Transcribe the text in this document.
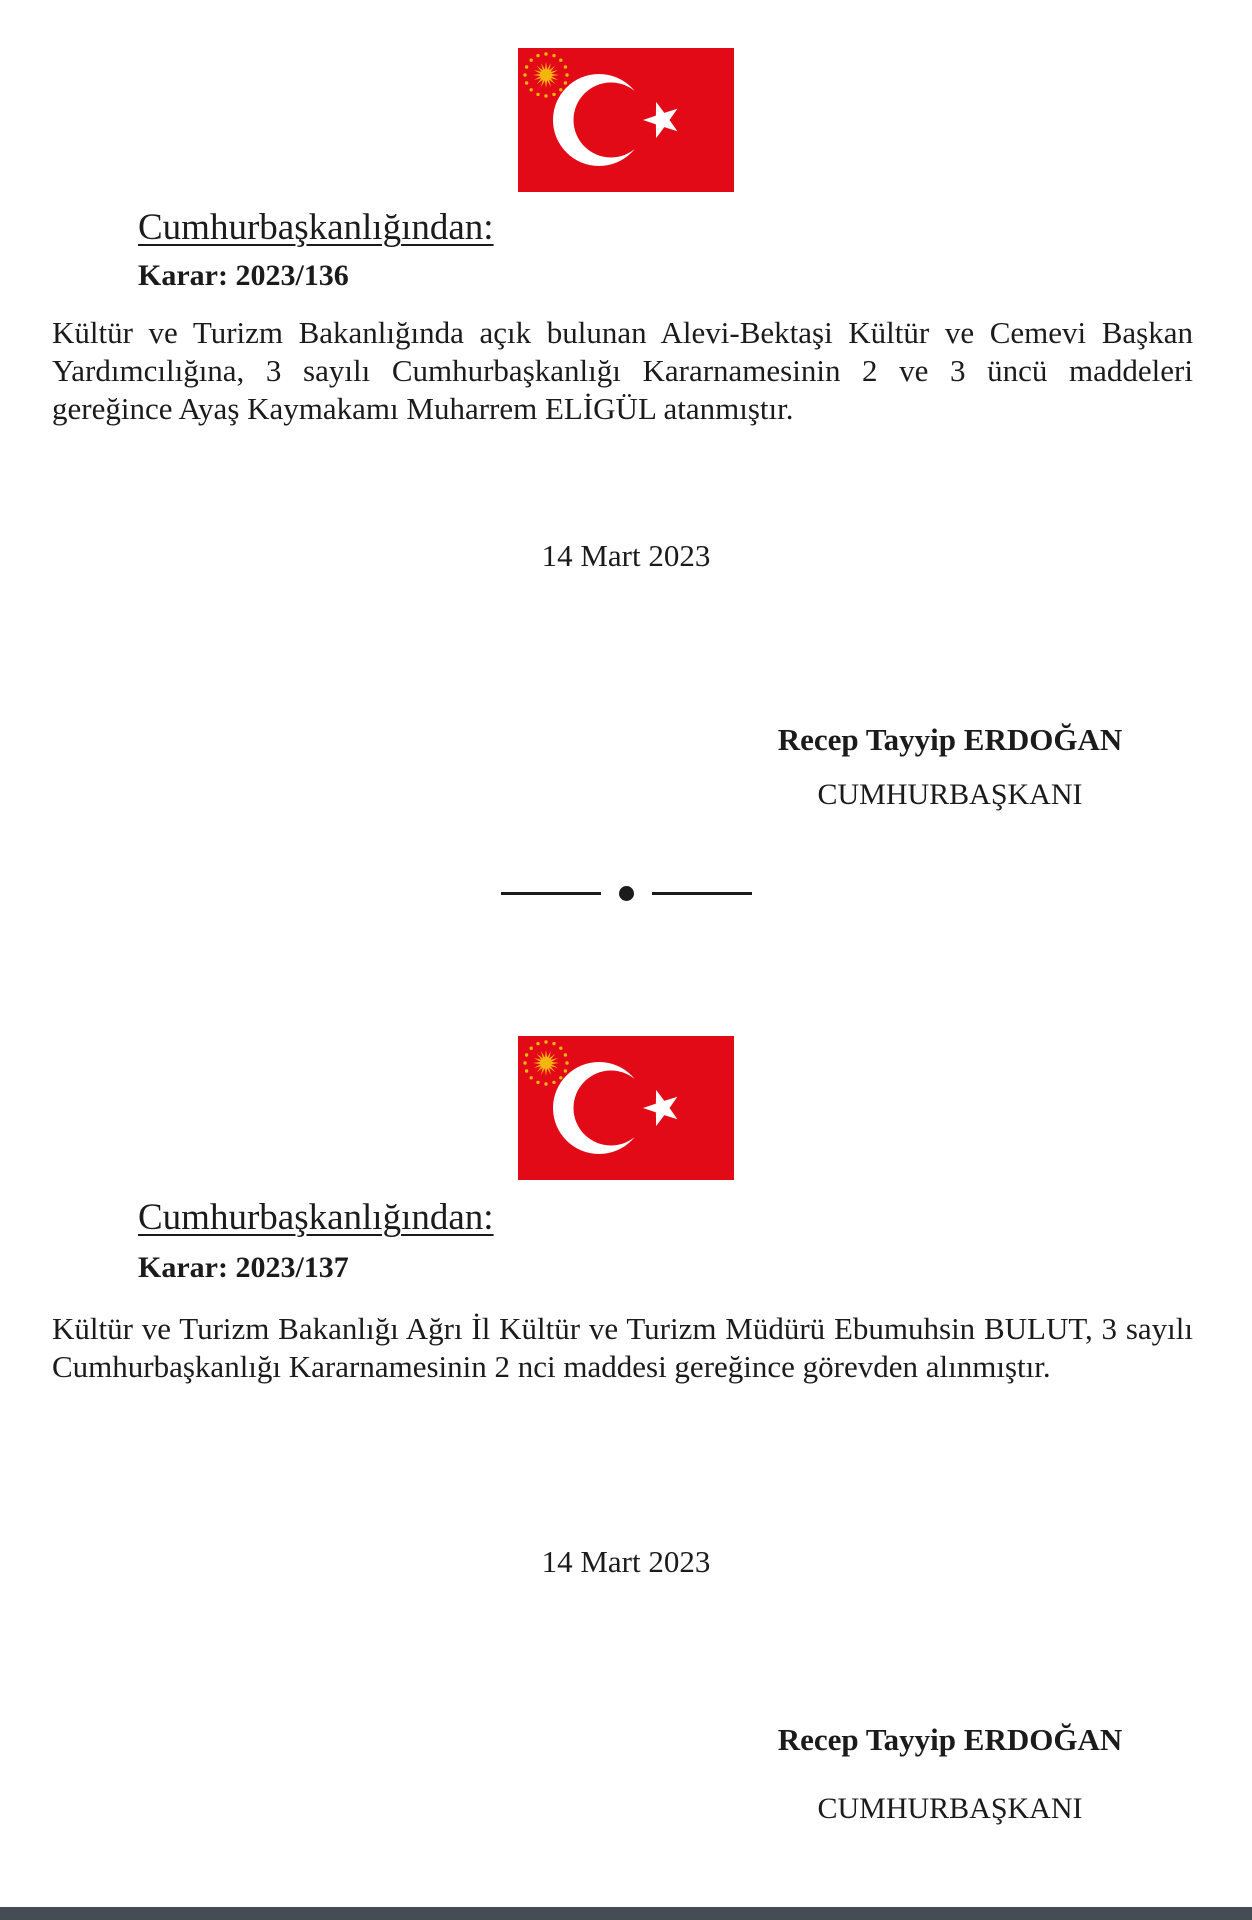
Cumhurbaşkanlığından:
Karar: 2023/136
Kültür ve Turizm Bakanlığında açık bulunan Alevi-Bektaşi Kültür ve Cemevi Başkan Yardımcılığına, 3 sayılı Cumhurbaşkanlığı Kararnamesinin 2 ve 3 üncü maddeleri gereğince Ayaş Kaymakamı Muharrem ELİGÜL atanmıştır.
14 Mart 2023
Recep Tayyip ERDOĞAN
CUMHURBAŞKANI
Cumhurbaşkanlığından:
Karar: 2023/137
Kültür ve Turizm Bakanlığı Ağrı İl Kültür ve Turizm Müdürü Ebumuhsin BULUT, 3 sayılı Cumhurbaşkanlığı Kararnamesinin 2 nci maddesi gereğince görevden alınmıştır.
14 Mart 2023
Recep Tayyip ERDOĞAN
CUMHURBAŞKANI
